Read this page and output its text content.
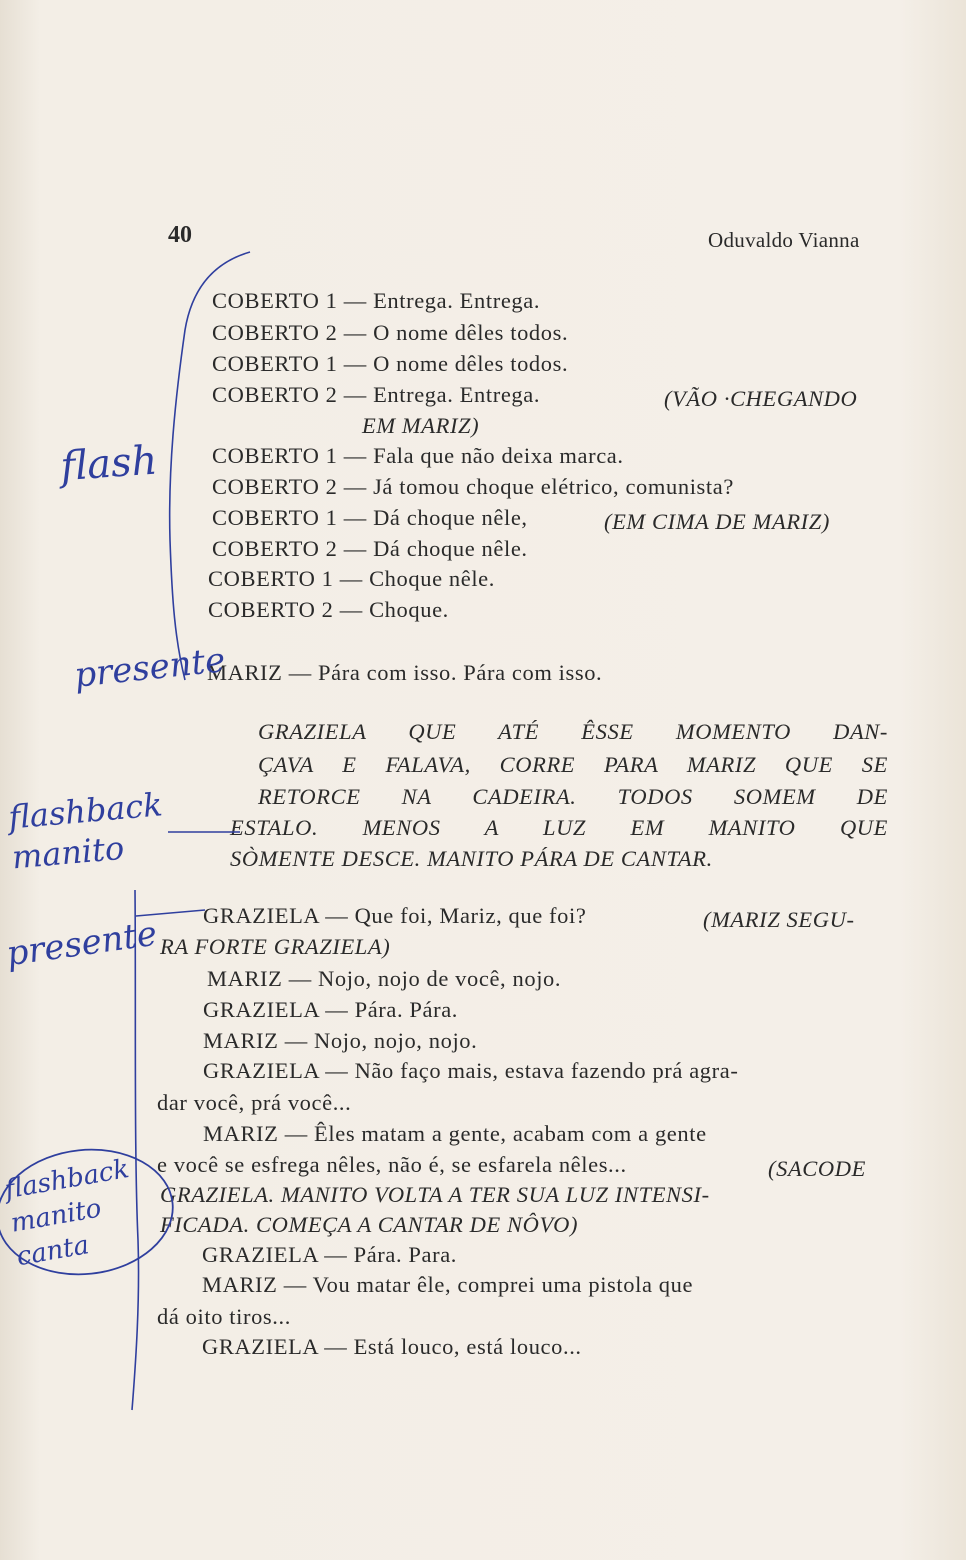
40	Oduvaldo Vianna
COBERTO 1 — Entrega. Entrega.
COBERTO 2 — O nome dêles todos.
COBERTO 1 — O nome dêles todos.
COBERTO 2 — Entrega. Entrega.	(VÃO ·CHEGANDO
EM MARIZ)
COBERTO 1 — Fala que não deixa marca.
COBERTO 2 — Já tomou choque elétrico, comunista?
COBERTO 1 — Dá choque nêle,	(EM CIMA DE MARIZ)
COBERTO 2 — Dá choque nêle.
COBERTO 1 — Choque nêle.
COBERTO 2 — Choque.
MARIZ — Pára com isso. Pára com isso.
GRAZIELA QUE ATÉ ÊSSE MOMENTO DAN-
ÇAVA E FALAVA, CORRE PARA MARIZ QUE SE
RETORCE NA CADEIRA. TODOS SOMEM DE
ESTALO. MENOS A LUZ EM MANITO QUE
SÒMENTE DESCE. MANITO PÁRA DE CANTAR.
GRAZIELA — Que foi, Mariz, que foi?	(MARIZ SEGU-
RA FORTE GRAZIELA)
MARIZ — Nojo, nojo de você, nojo.
GRAZIELA — Pára. Pára.
MARIZ — Nojo, nojo, nojo.
GRAZIELA — Não faço mais, estava fazendo prá agra-
dar você, prá você...
MARIZ — Êles matam a gente, acabam com a gente
e você se esfrega nêles, não é, se esfarela nêles...	(SACODE
GRAZIELA. MANITO VOLTA A TER SUA LUZ INTENSI-
FICADA. COMEÇA A CANTAR DE NÔVO)
GRAZIELA — Pára. Para.
MARIZ — Vou matar êle, comprei uma pistola que
dá oito tiros...
GRAZIELA — Está louco, está louco...
flash
presente
flashback manito
presente
flashback manito canta
